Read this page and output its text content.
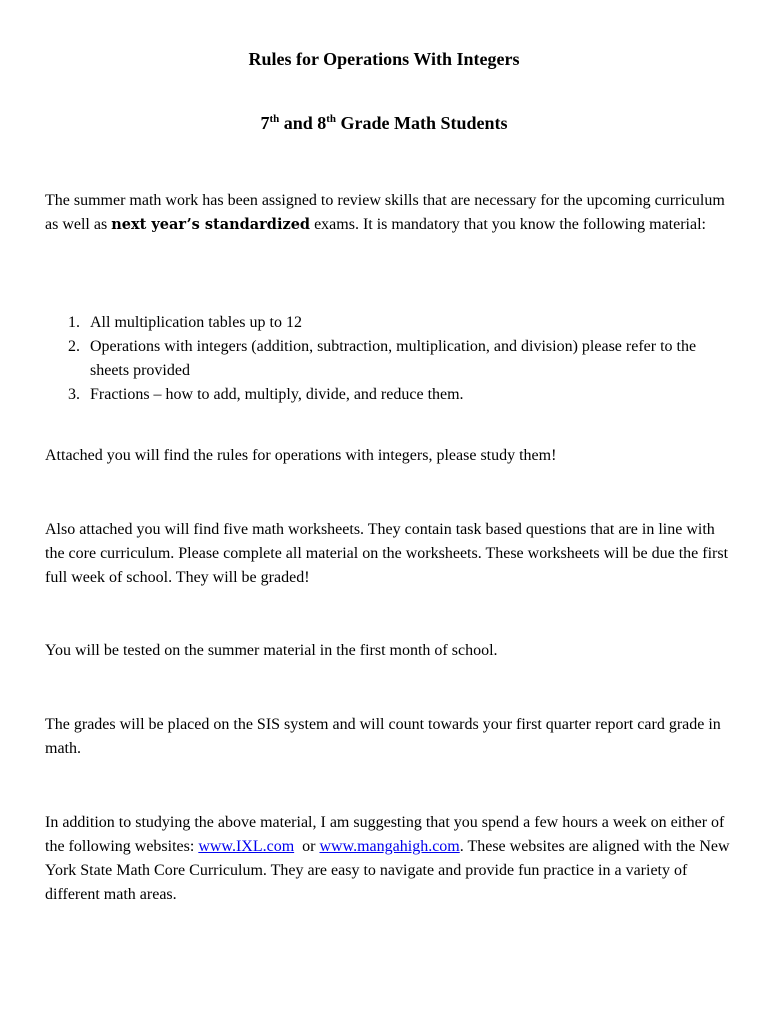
Rules for Operations With Integers
7th and 8th Grade Math Students

The summer math work has been assigned to review skills that are necessary for the upcoming curriculum as well as next year’s standardized exams. It is mandatory that you know the following material:

1. All multiplication tables up to 12
2. Operations with integers (addition, subtraction, multiplication, and division) please refer to the sheets provided
3. Fractions – how to add, multiply, divide, and reduce them.

Attached you will find the rules for operations with integers, please study them!

Also attached you will find five math worksheets. They contain task based questions that are in line with the core curriculum. Please complete all material on the worksheets. These worksheets will be due the first full week of school. They will be graded!

You will be tested on the summer material in the first month of school.

The grades will be placed on the SIS system and will count towards your first quarter report card grade in math.

In addition to studying the above material, I am suggesting that you spend a few hours a week on either of the following websites: www.IXL.com  or www.mangahigh.com. These websites are aligned with the New York State Math Core Curriculum. They are easy to navigate and provide fun practice in a variety of different math areas.
